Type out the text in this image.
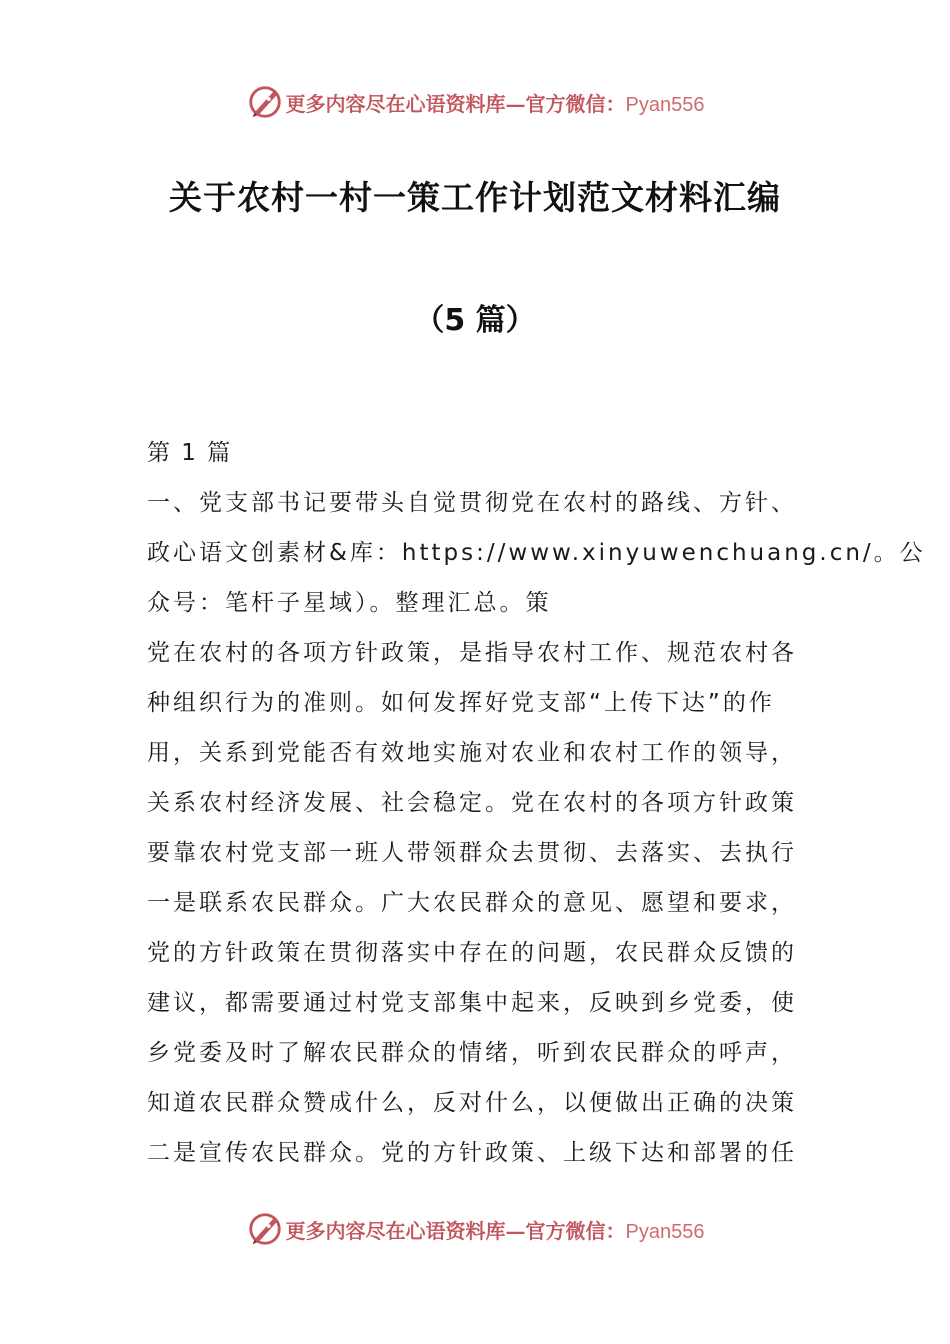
更多内容尽在心语资料库—官方微信：Pyan556
关于农村一村一策工作计划范文材料汇编
（5 篇）
第 1 篇
一、党支部书记要带头自觉贯彻党在农村的路线、方针、
政心语文创素材&库：https://www.xinyuwenchuang.cn/。公
众号：笔杆子星域）。整理汇总。策
党在农村的各项方针政策，是指导农村工作、规范农村各
种组织行为的准则。如何发挥好党支部“上传下达”的作
用，关系到党能否有效地实施对农业和农村工作的领导，
关系农村经济发展、社会稳定。党在农村的各项方针政策
要靠农村党支部一班人带领群众去贯彻、去落实、去执行
一是联系农民群众。广大农民群众的意见、愿望和要求，
党的方针政策在贯彻落实中存在的问题，农民群众反馈的
建议，都需要通过村党支部集中起来，反映到乡党委，使
乡党委及时了解农民群众的情绪，听到农民群众的呼声，
知道农民群众赞成什么，反对什么，以便做出正确的决策
二是宣传农民群众。党的方针政策、上级下达和部署的任
更多内容尽在心语资料库—官方微信：Pyan556
